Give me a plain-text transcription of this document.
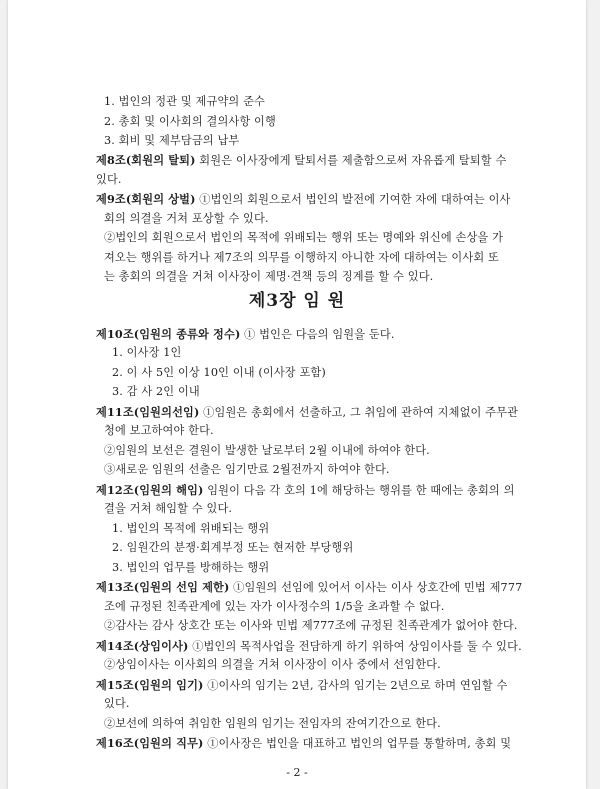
제3장 임 원
1. 법인의 정관 및 제규약의 준수
2. 총회 및 이사회의 결의사항 이행
3. 회비 및 제부담금의 납부
제8조(회원의 탈퇴) 회원은 이사장에게 탈퇴서를 제출함으로써 자유롭게 탈퇴할 수
있다.
제9조(회원의 상벌) ①법인의 회원으로서 법인의 발전에 기여한 자에 대하여는 이사
회의 의결을 거쳐 포상할 수 있다.
②법인의 회원으로서 법인의 목적에 위배되는 행위 또는 명예와 위신에 손상을 가
져오는 행위를 하거나 제7조의 의무를 이행하지 아니한 자에 대하여는 이사회 또
는 총회의 의결을 거쳐 이사장이 제명·견책 등의 징계를 할 수 있다.
제10조(임원의 종류와 정수) ① 법인은 다음의 임원을 둔다.
1. 이사장 1인
2. 이 사 5인 이상 10인 이내 (이사장 포함)
3. 감 사 2인 이내
제11조(임원의선임) ①임원은 총회에서 선출하고, 그 취임에 관하여 지체없이 주무관
청에 보고하여야 한다.
②임원의 보선은 결원이 발생한 날로부터 2월 이내에 하여야 한다.
③새로운 임원의 선출은 임기만료 2월전까지 하여야 한다.
제12조(임원의 해임) 임원이 다음 각 호의 1에 해당하는 행위를 한 때에는 총회의 의
결을 거쳐 해임할 수 있다.
1. 법인의 목적에 위배되는 행위
2. 임원간의 분쟁·회계부정 또는 현저한 부당행위
3. 법인의 업무를 방해하는 행위
제13조(임원의 선임 제한) ①임원의 선임에 있어서 이사는 이사 상호간에 민법 제777
조에 규정된 친족관계에 있는 자가 이사정수의 1/5을 초과할 수 없다.
②감사는 감사 상호간 또는 이사와 민법 제777조에 규정된 친족관계가 없어야 한다.
제14조(상임이사) ①법인의 목적사업을 전담하게 하기 위하여 상임이사를 둘 수 있다.
②상임이사는 이사회의 의결을 거쳐 이사장이 이사 중에서 선임한다.
제15조(임원의 임기) ①이사의 임기는 2년, 감사의 임기는 2년으로 하며 연임할 수
있다.
②보선에 의하여 취임한 임원의 임기는 전임자의 잔여기간으로 한다.
제16조(임원의 직무) ①이사장은 법인을 대표하고 법인의 업무를 통할하며, 총회 및
- 2 -
